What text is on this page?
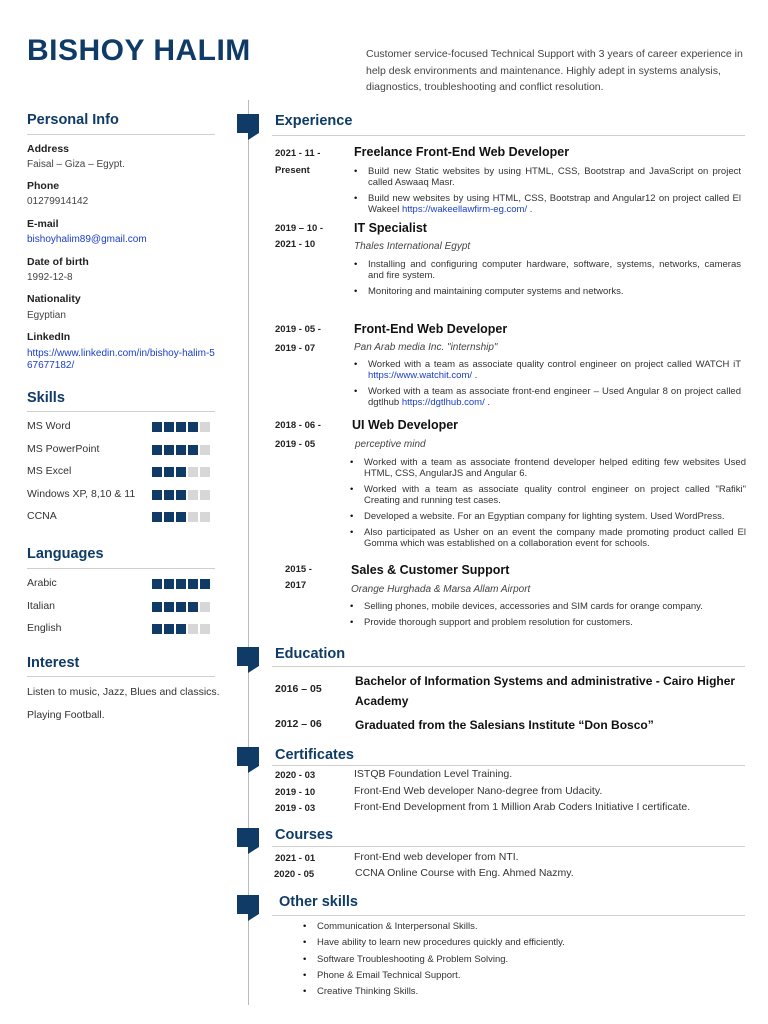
BISHOY HALIM	Customer service-focused Technical Support with 3 years of career experience in help desk environments and maintenance. Highly adept in systems analysis, diagnostics, troubleshooting and conflict resolution.
Personal Info
Address
Faisal – Giza – Egypt.
Phone
01279914142
E-mail
bishoyhalim89@gmail.com
Date of birth
1992-12-8
Nationality
Egyptian
LinkedIn
https://www.linkedin.com/in/bishoy-halim-567677182/
Skills
MS Word
MS PowerPoint
MS Excel
Windows XP, 8,10 & 11
CCNA
Languages
Arabic
Italian
English
Interest
Listen to music, Jazz, Blues and classics.
Playing Football.
Experience
2021 - 11 -
Present
Freelance Front-End Web Developer
• Build new Static websites by using HTML, CSS, Bootstrap and JavaScript on project called Aswaaq Masr.
• Build new websites by using HTML, CSS, Bootstrap and Angular12 on project called El Wakeel https://wakeellawfirm-eg.com/ .
2019 – 10 -
2021 - 10
IT Specialist
Thales International Egypt
• Installing and configuring computer hardware, software, systems, networks, cameras and fire system.
• Monitoring and maintaining computer systems and networks.
2019 - 05 -
2019 - 07
Front-End Web Developer
Pan Arab media Inc. "internship"
• Worked with a team as associate quality control engineer on project called WATCH iT https://www.watchit.com/ .
• Worked with a team as associate front-end engineer – Used Angular 8 on project called dgtlhub https://dgtlhub.com/ .
2018 - 06 -
2019 - 05
UI Web Developer
perceptive mind
• Worked with a team as associate frontend developer helped editing few websites Used HTML, CSS, AngularJS and Angular 6.
• Worked with a team as associate quality control engineer on project called "Rafiki" Creating and running test cases.
• Developed a website. For an Egyptian company for lighting system. Used WordPress.
• Also participated as Usher on an event the company made promoting product called El Gomma which was established on a collaboration event for schools.
2015 -
2017
Sales & Customer Support
Orange Hurghada & Marsa Allam Airport
• Selling phones, mobile devices, accessories and SIM cards for orange company.
• Provide thorough support and problem resolution for customers.
Education
2016 – 05
Bachelor of Information Systems and administrative - Cairo Higher Academy
2012 – 06	Graduated from the Salesians Institute “Don Bosco”
Certificates
2020 - 03	ISTQB Foundation Level Training.
2019 - 10	Front-End Web developer Nano-degree from Udacity.
2019 - 03	Front-End Development from 1 Million Arab Coders Initiative I certificate.
Courses
2021 - 01	Front-End web developer from NTI.
2020 - 05	CCNA Online Course with Eng. Ahmed Nazmy.
Other skills
• Communication & Interpersonal Skills.
• Have ability to learn new procedures quickly and efficiently.
• Software Troubleshooting & Problem Solving.
• Phone & Email Technical Support.
• Creative Thinking Skills.
